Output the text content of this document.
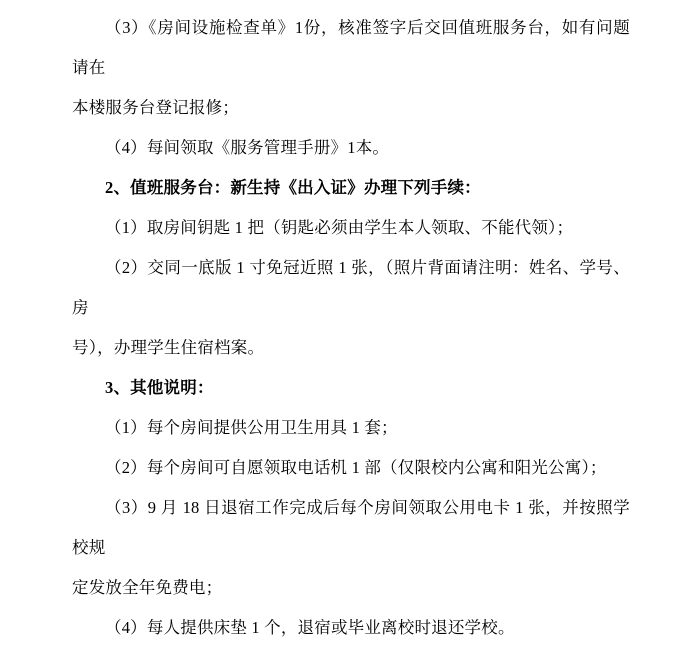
（3）《房间设施检查单》1份，核准签字后交回值班服务台，如有问题请在

本楼服务台登记报修；

（4）每间领取《服务管理手册》1本。

2、值班服务台：新生持《出入证》办理下列手续：

（1）取房间钥匙 1 把（钥匙必须由学生本人领取、不能代领）；

（2）交同一底版 1 寸免冠近照 1 张，（照片背面请注明：姓名、学号、房

号），办理学生住宿档案。

3、其他说明：

（1）每个房间提供公用卫生用具 1 套；

（2）每个房间可自愿领取电话机 1 部（仅限校内公寓和阳光公寓）；

（3）9 月 18 日退宿工作完成后每个房间领取公用电卡 1 张，并按照学校规

定发放全年免费电；

（4）每人提供床垫 1 个，退宿或毕业离校时退还学校。
